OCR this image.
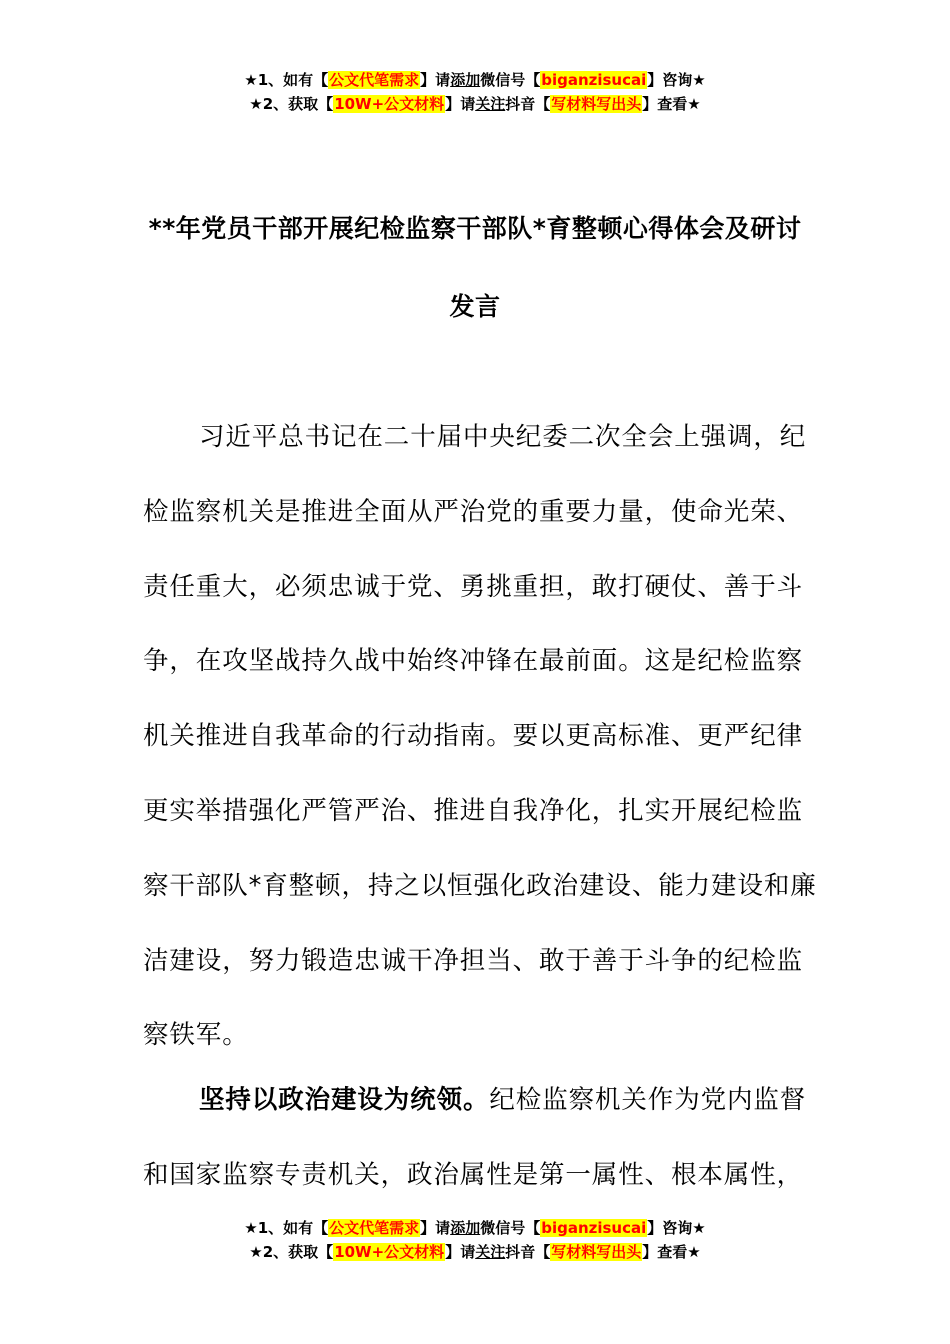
★1、如有【公文代笔需求】请添加微信号【biganzisucai】咨询★
★2、获取【10W+公文材料】请关注抖音【写材料写出头】查看★
**年党员干部开展纪检监察干部队*育整顿心得体会及研讨
发言
习近平总书记在二十届中央纪委二次全会上强调，纪
检监察机关是推进全面从严治党的重要力量，使命光荣、
责任重大，必须忠诚于党、勇挑重担，敢打硬仗、善于斗
争，在攻坚战持久战中始终冲锋在最前面。这是纪检监察
机关推进自我革命的行动指南。要以更高标准、更严纪律
更实举措强化严管严治、推进自我净化，扎实开展纪检监
察干部队*育整顿，持之以恒强化政治建设、能力建设和廉
洁建设，努力锻造忠诚干净担当、敢于善于斗争的纪检监
察铁军。
坚持以政治建设为统领。纪检监察机关作为党内监督
和国家监察专责机关，政治属性是第一属性、根本属性，
★1、如有【公文代笔需求】请添加微信号【biganzisucai】咨询★
★2、获取【10W+公文材料】请关注抖音【写材料写出头】查看★
